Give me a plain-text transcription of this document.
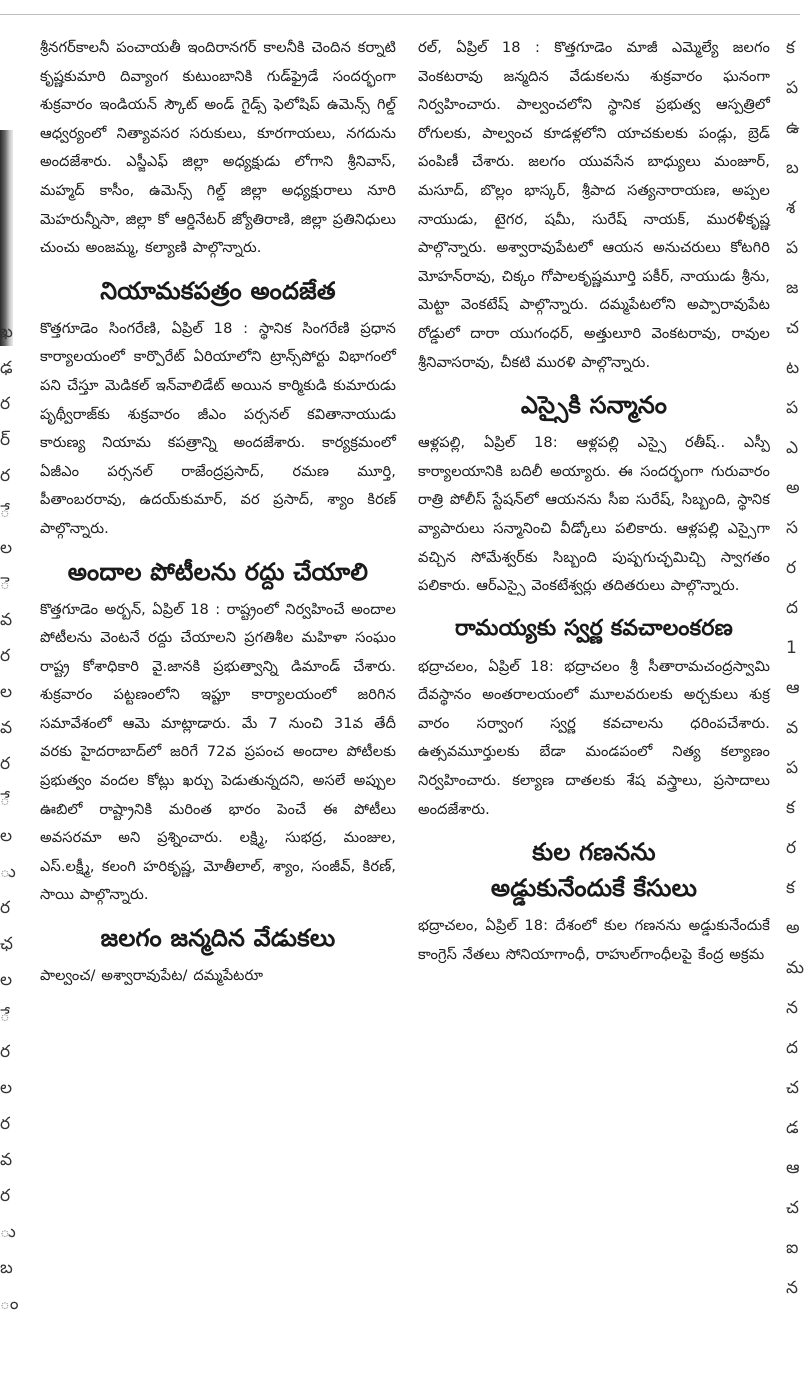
ఖ
ఢ
ర
ర్
ర
ే
ల
ె
వ
ర
ల
వ
ర
ే
ల
ు
ర
ఛ
ల
ే
ర
ల
ర
వ
ర
ు
బ
ం
శ్రీనగర్‌కాలనీ పంచాయతీ ఇందిరానగర్ కాలనీకి చెందిన కర్నాటి కృష్ణకుమారి దివ్యాంగ కుటుంబానికి గుడ్‌ఫ్రైడే సందర్భంగా శుక్రవారం ఇండియన్ స్కౌట్ అండ్ గైడ్స్ ఫెలోషిప్ ఉమెన్స్ గిల్డ్ ఆధ్వర్యంలో నిత్యావసర సరుకులు, కూరగాయలు, నగదును అందజేశారు. ఎస్జీఎఫ్ జిల్లా అధ్యక్షుడు లోగాని శ్రీనివాస్, మహ్మద్ కాసీం, ఉమెన్స్ గిల్డ్ జిల్లా అధ్యక్షురాలు నూరి మెహరున్నీసా, జిల్లా కో ఆర్డినేటర్ జ్యోతిరాణి, జిల్లా ప్రతినిధులు చుంచు అంజమ్మ, కల్యాణి పాల్గొన్నారు.
నియామకపత్రం అందజేత
కొత్తగూడెం సింగరేణి, ఏప్రిల్ 18 : స్థానిక సింగరేణి ప్రధాన కార్యాలయంలో కార్పొరేట్ ఏరియాలోని ట్రాన్స్‌పోర్టు విభాగంలో పని చేస్తూ మెడికల్ ఇన్‌వాలిడేట్ అయిన కార్మికుడి కుమారుడు పృథ్వీరాజ్‌కు శుక్రవారం జీఎం పర్సనల్ కవితానాయుడు కారుణ్య నియామ కపత్రాన్ని అందజేశారు. కార్యక్రమంలో ఏజీఎం పర్సనల్ రాజేంద్రప్రసాద్, రమణ మూర్తి, పీతాంబరరావు, ఉదయ్‌కుమార్, వర ప్రసాద్, శ్యాం కిరణ్ పాల్గొన్నారు.
అందాల పోటీలను రద్దు చేయాలి
కొత్తగూడెం అర్బన్, ఏప్రిల్ 18 : రాష్ట్రంలో నిర్వహించే అందాల పోటీలను వెంటనే రద్దు చేయాలని ప్రగతిశీల మహిళా సంఘం రాష్ట్ర కోశాధికారి వై.జానకి ప్రభుత్వాన్ని డిమాండ్ చేశారు. శుక్రవారం పట్టణంలోని ఇప్టూ కార్యాలయంలో జరిగిన సమావేశంలో ఆమె మాట్లాడారు. మే 7 నుంచి 31వ తేదీ వరకు హైదరాబాద్‌లో జరిగే 72వ ప్రపంచ అందాల పోటీలకు ప్రభుత్వం వందల కోట్లు ఖర్చు పెడుతున్నదని, అసలే అప్పుల ఊబిలో రాష్ట్రానికి మరింత భారం పెంచే ఈ పోటీలు అవసరమా అని ప్రశ్నించారు. లక్ష్మి, సుభద్ర, మంజుల, ఎస్.లక్ష్మీ, కలంగి హరికృష్ణ, మోతీలాల్, శ్యాం, సంజీవ్, కిరణ్, సాయి పాల్గొన్నారు.
జలగం జన్మదిన వేడుకలు
పాల్వంచ/ అశ్వారావుపేట/ దమ్మపేటరూ
రల్, ఏప్రిల్ 18 : కొత్తగూడెం మాజీ ఎమ్మెల్యే జలగం వెంకటరావు జన్మదిన వేడుకలను శుక్రవారం ఘనంగా నిర్వహించారు. పాల్వంచలోని స్థానిక ప్రభుత్వ ఆస్పత్రిలో రోగులకు, పాల్వంచ కూడళ్లలోని యాచకులకు పండ్లు, బ్రెడ్ పంపిణీ చేశారు. జలగం యువసేన బాధ్యులు మంజూర్, మసూద్, బొల్లం భాస్కర్, శ్రీపాద సత్యనారాయణ, అప్పల నాయుడు, టైగర, షమీ, సురేష్ నాయక్, మురళీకృష్ణ పాల్గొన్నారు. అశ్వారావుపేటలో ఆయన అనుచరులు కోటగిరి మోహన్‌రావు, చిక్కం గోపాలకృష్ణమూర్తి పకీర్, నాయుడు శ్రీను, మెట్టా వెంకటేష్ పాల్గొన్నారు. దమ్మపేటలోని అప్పారావుపేట రోడ్డులో దారా యుగంధర్, అత్తులూరి వెంకటరావు, రావుల శ్రీనివాసరావు, చీకటి మురళి పాల్గొన్నారు.
ఎస్సైకి సన్మానం
ఆళ్లపల్లి, ఏప్రిల్ 18: ఆళ్లపల్లి ఎస్సై రతీష్.. ఎస్పీ కార్యాలయానికి బదిలీ అయ్యారు. ఈ సందర్భంగా గురువారం రాత్రి పోలీస్ స్టేషన్‌లో ఆయనను సీఐ సురేష్, సిబ్బంది, స్థానిక వ్యాపారులు సన్మానించి వీడ్కోలు పలికారు. ఆళ్లపల్లి ఎస్సైగా వచ్చిన సోమేశ్వర్‌కు సిబ్బంది పుష్పగుచ్ఛమిచ్చి స్వాగతం పలికారు. ఆర్ఎస్సై వెంకటేశ్వర్లు తదితరులు పాల్గొన్నారు.
రామయ్యకు స్వర్ణ కవచాలంకరణ
భద్రాచలం, ఏప్రిల్ 18: భద్రాచలం శ్రీ సీతారామచంద్రస్వామి దేవస్థానం అంతరాలయంలో మూలవరులకు అర్చకులు శుక్ర వారం సర్వాంగ స్వర్ణ కవచాలను ధరింపచేశారు. ఉత్సవమూర్తులకు బేడా మండపంలో నిత్య కల్యాణం నిర్వహించారు. కల్యాణ దాతలకు శేష వస్త్రాలు, ప్రసాదాలు అందజేశారు.
కుల గణనను
అడ్డుకునేందుకే కేసులు
భద్రాచలం, ఏప్రిల్ 18: దేశంలో కుల గణనను అడ్డుకునేందుకే కాంగ్రెస్ నేతలు సోనియాగాంధీ, రాహుల్‌గాంధీలపై కేంద్ర అక్రమ
క
ప
ఉ
బ
శ
ప
జ
చ
ట
ప
ఎ
అ
స
ర
ద
1
ఆ
వ
ప
క
ర
క
అ
మ
న
ద
చ
డ
ఆ
చ
ఐ
న
